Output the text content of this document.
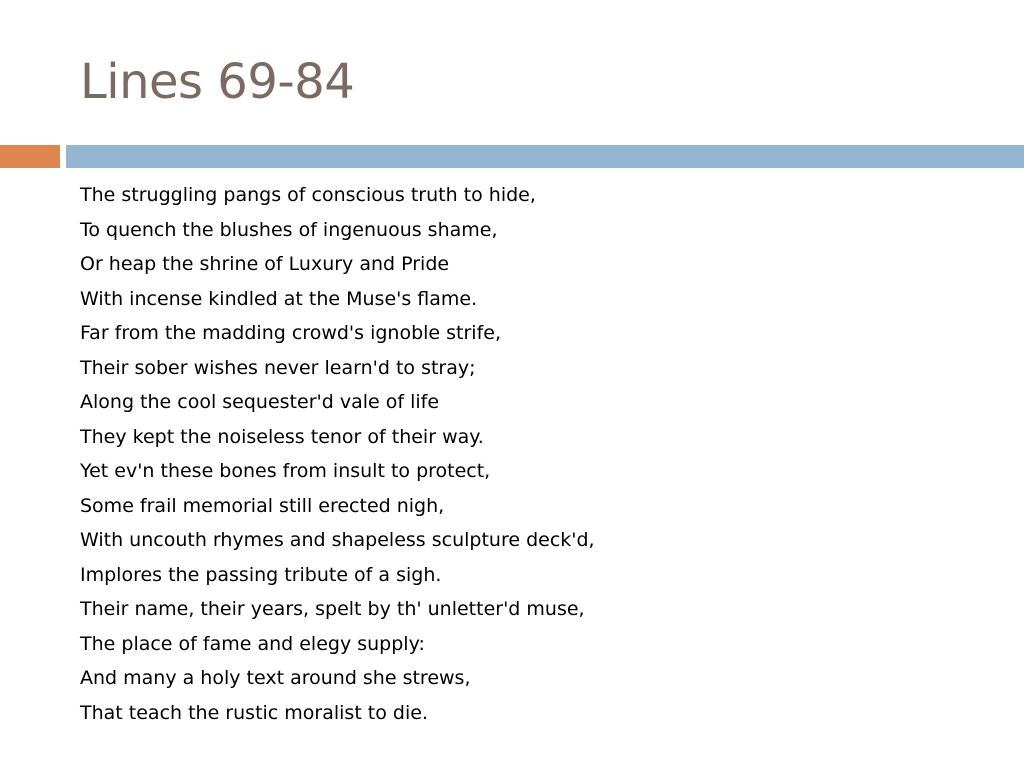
Lines 69-84
The struggling pangs of conscious truth to hide,
To quench the blushes of ingenuous shame,
Or heap the shrine of Luxury and Pride
With incense kindled at the Muse's flame.
Far from the madding crowd's ignoble strife,
Their sober wishes never learn'd to stray;
Along the cool sequester'd vale of life
They kept the noiseless tenor of their way.
Yet ev'n these bones from insult to protect,
Some frail memorial still erected nigh,
With uncouth rhymes and shapeless sculpture deck'd,
Implores the passing tribute of a sigh.
Their name, their years, spelt by th' unletter'd muse,
The place of fame and elegy supply:
And many a holy text around she strews,
That teach the rustic moralist to die.
